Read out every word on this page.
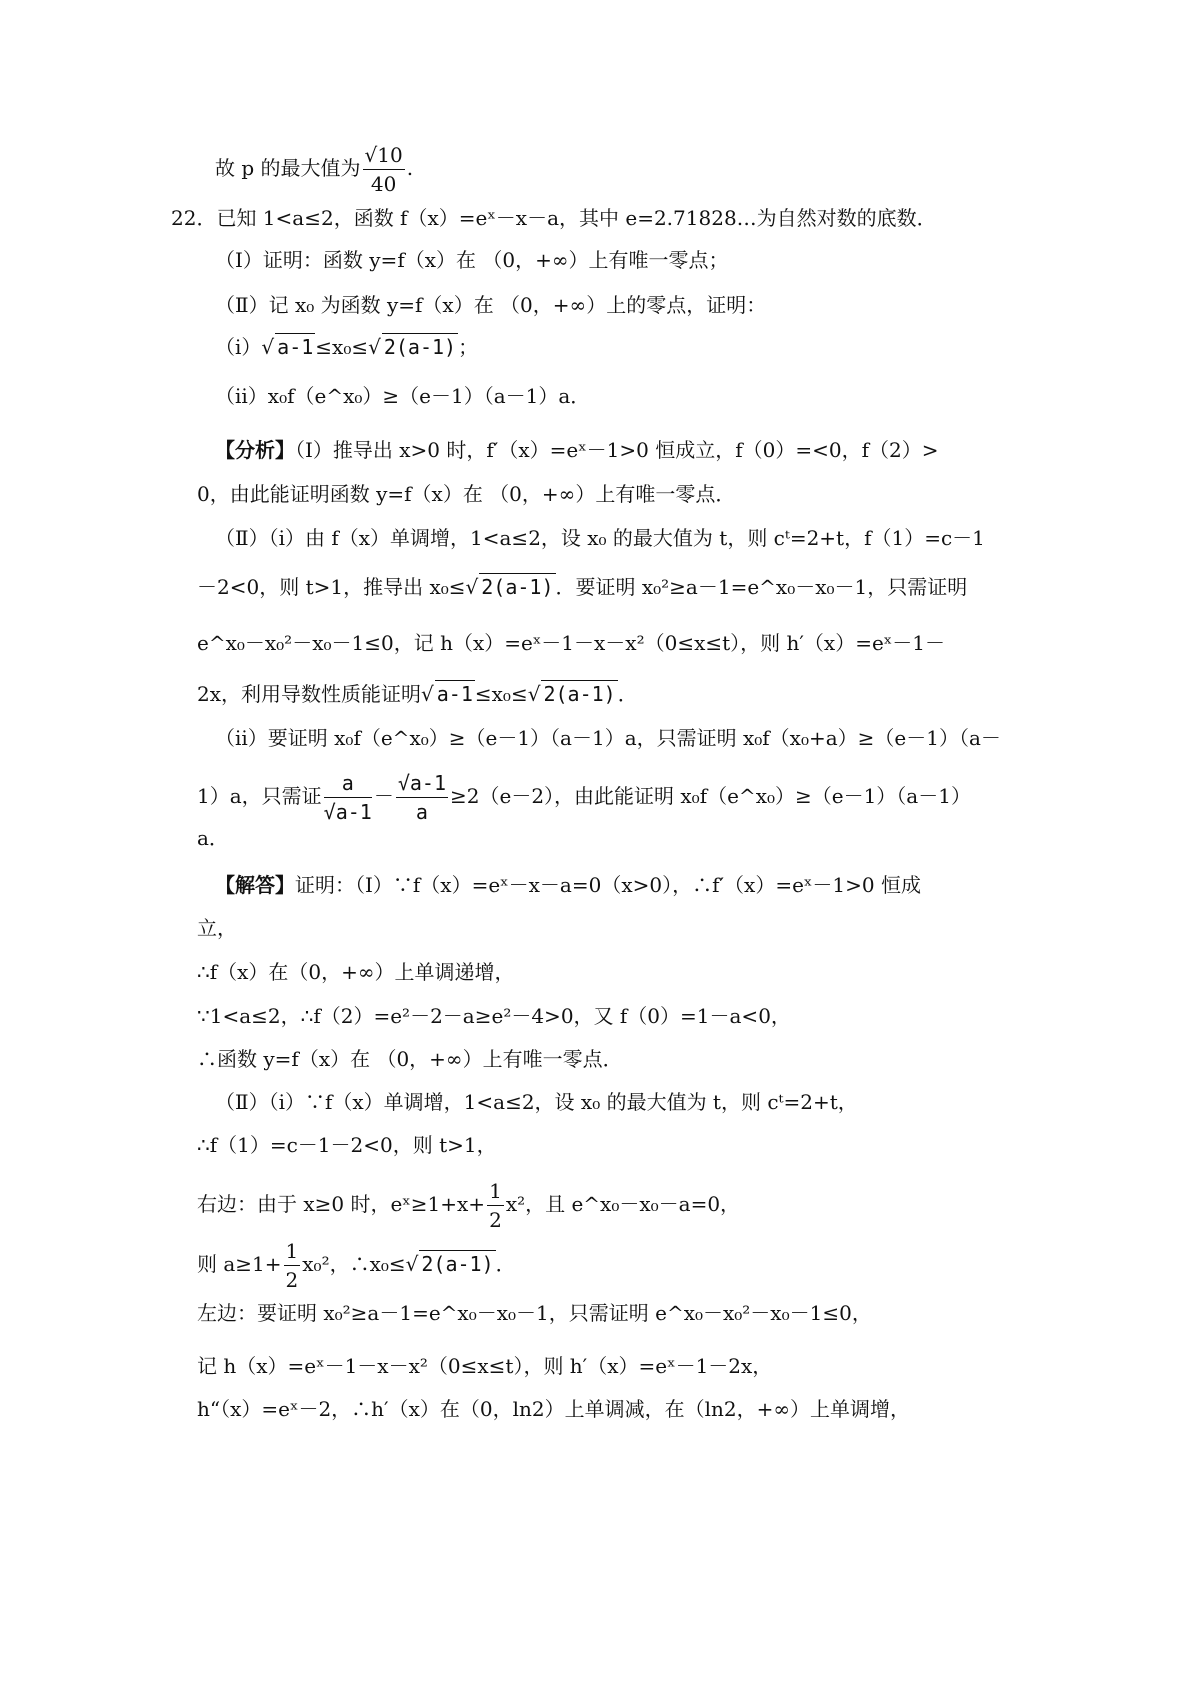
故 p 的最大值为 $\frac{√10}{40}$ .
22．已知 1<a≤2，函数 f（x）=eˣ－x－a，其中 e=2.71828…为自然对数的底数．
（Ⅰ）证明：函数 y=f（x）在 （0，+∞）上有唯一零点；
（Ⅱ）记 x₀ 为函数 y=f（x）在 （0，+∞）上的零点，证明：
（ⅰ）√ a-1 ≤x₀≤√ 2(a-1) ；
（ⅱ）x₀f（e^x₀）≥（e－1）（a－1）a．
【分析】（Ⅰ）推导出 x>0 时，f′（x）=eˣ－1>0 恒成立，f（0）=<0，f（2）>
0，由此能证明函数 y=f（x）在 （0，+∞）上有唯一零点．
（Ⅱ）（i）由 f（x）单调增，1<a≤2，设 x₀ 的最大值为 t，则 cᵗ=2+t，f（1）=c－1
－2<0，则 t>1，推导出 x₀≤√ 2(a-1) ．要证明 x₀²≥a－1=e^x₀－x₀－1，只需证明
e^x₀－x₀²－x₀－1≤0，记 h（x）=eˣ－1－x－x²（0≤x≤t），则 h′（x）=eˣ－1－
2x，利用导数性质能证明√ a-1 ≤x₀≤√ 2(a-1) ．
（ii）要证明 x₀f（e^x₀）≥（e－1）（a－1）a，只需证明 x₀f（x₀+a）≥（e－1）（a－
1）a，只需证 $\frac{a}{√a-1} - \frac{√a-1}{a} \ge 2(e-2)$，由此能证明 x₀f（e^x₀）≥（e－1）（a－1）
a．
【解答】证明：（Ⅰ）∵f（x）=eˣ－x－a=0（x>0），∴f′（x）=eˣ－1>0 恒成
立，
∴f（x）在（0，+∞）上单调递增，
∵1<a≤2，∴f（2）=e²－2－a≥e²－4>0，又 f（0）=1－a<0，
∴函数 y=f（x）在 （0，+∞）上有唯一零点．
（Ⅱ）（i）∵f（x）单调增，1<a≤2，设 x₀ 的最大值为 t，则 cᵗ=2+t，
∴f（1）=c－1－2<0，则 t>1，
右边：由于 x≥0 时，eˣ≥1+x+ $\frac{1}{2} x^2$，且 e^x₀－x₀－a=0，
则 $a\ge 1+ \frac{1}{2} x_0^2$，∴x₀≤√ 2(a-1) ．
左边：要证明 x₀²≥a－1=e^x₀－x₀－1，只需证明 e^x₀－x₀²－x₀－1≤0，
记 h（x）=eˣ－1－x－x²（0≤x≤t），则 h′（x）=eˣ－1－2x，
h“（x）=eˣ－2，∴h′（x）在（0，ln2）上单调减，在（ln2，+∞）上单调增，
